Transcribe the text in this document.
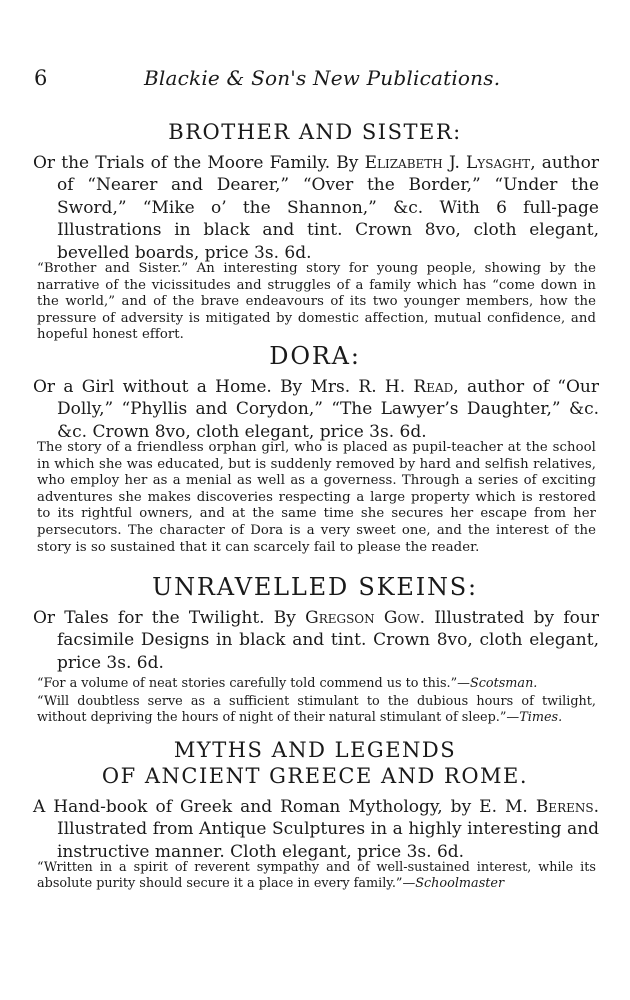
6	Blackie & Son's New Publications.
BROTHER AND SISTER:
Or the Trials of the Moore Family. By Elizabeth J. Lysaght, author of “Nearer and Dearer,” “Over the Border,” “Under the Sword,” “Mike o’ the Shannon,” &c. With 6 full-page Illustrations in black and tint. Crown 8vo, cloth elegant, bevelled boards, price 3s. 6d.
“Brother and Sister.” An interesting story for young people, showing by the narrative of the vicissitudes and struggles of a family which has “come down in the world,” and of the brave endeavours of its two younger members, how the pressure of adversity is mitigated by domestic affection, mutual confidence, and hopeful honest effort.
DORA:
Or a Girl without a Home. By Mrs. R. H. Read, author of “Our Dolly,” “Phyllis and Corydon,” “The Lawyer’s Daughter,” &c. &c. Crown 8vo, cloth elegant, price 3s. 6d.
The story of a friendless orphan girl, who is placed as pupil-teacher at the school in which she was educated, but is suddenly removed by hard and selfish relatives, who employ her as a menial as well as a governess. Through a series of exciting adventures she makes discoveries respecting a large property which is restored to its rightful owners, and at the same time she secures her escape from her persecutors. The character of Dora is a very sweet one, and the interest of the story is so sustained that it can scarcely fail to please the reader.
UNRAVELLED SKEINS:
Or Tales for the Twilight. By Gregson Gow. Illustrated by four facsimile Designs in black and tint. Crown 8vo, cloth elegant, price 3s. 6d.
“For a volume of neat stories carefully told commend us to this.”—Scotsman.
“Will doubtless serve as a sufficient stimulant to the dubious hours of twilight, without depriving the hours of night of their natural stimulant of sleep.”—Times.
MYTHS AND LEGENDS
OF ANCIENT GREECE AND ROME.
A Hand-book of Greek and Roman Mythology, by E. M. Berens. Illustrated from Antique Sculptures in a highly interesting and instructive manner. Cloth elegant, price 3s. 6d.
“Written in a spirit of reverent sympathy and of well-sustained interest, while its absolute purity should secure it a place in every family.”—Schoolmaster
